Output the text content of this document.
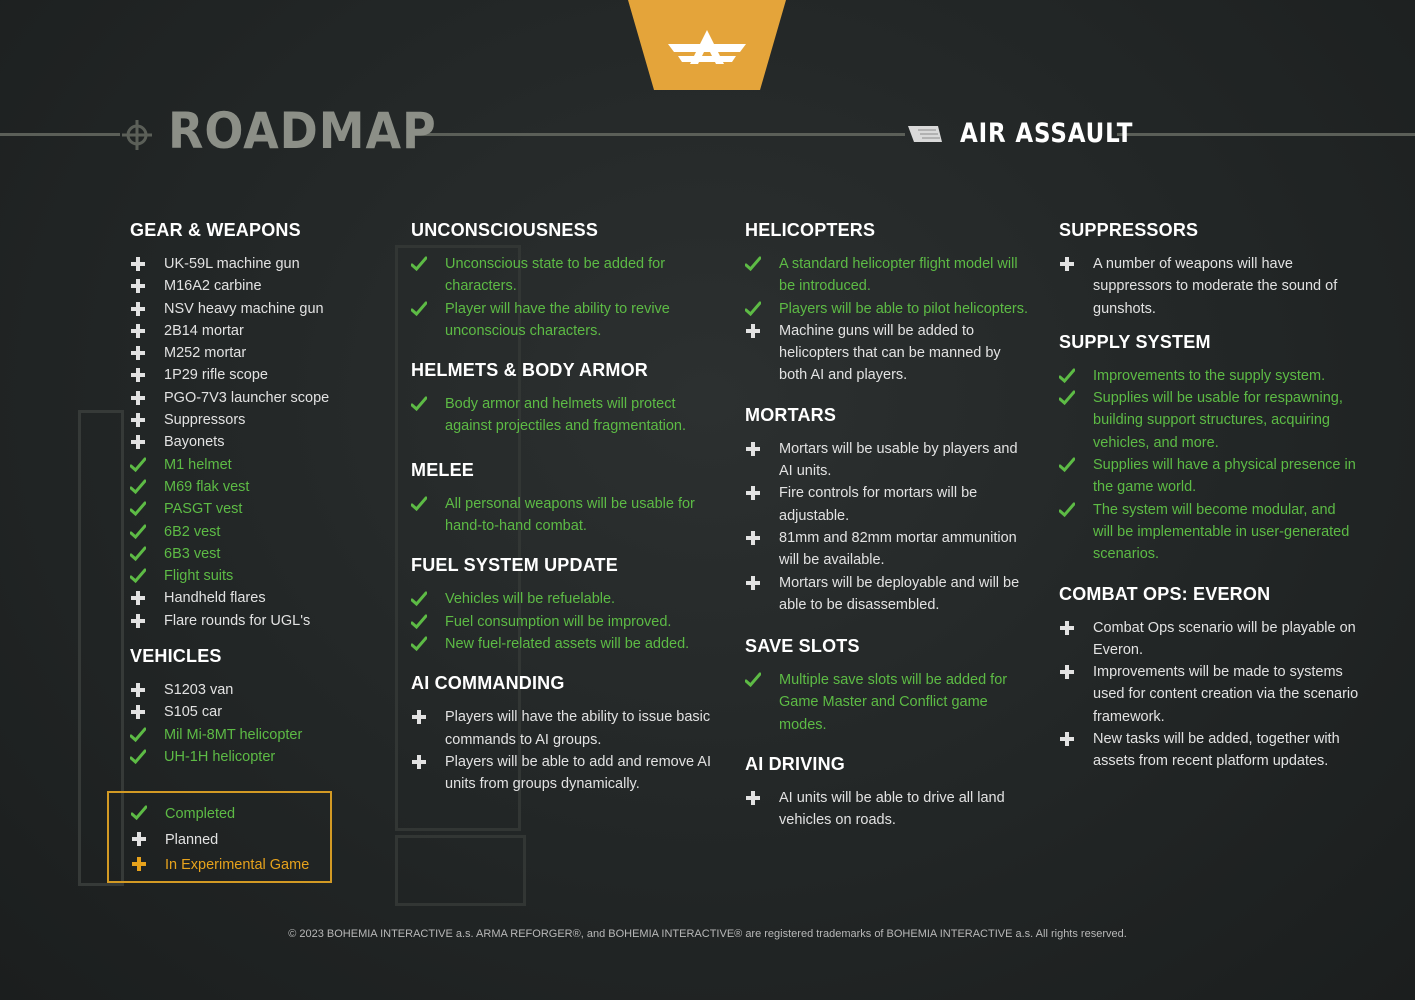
ROADMAP	AIR ASSAULT
GEAR & WEAPONS
UK-59L machine gun
M16A2 carbine
NSV heavy machine gun
2B14 mortar
M252 mortar
1P29 rifle scope
PGO-7V3 launcher scope
Suppressors
Bayonets
M1 helmet
M69 flak vest
PASGT vest
6B2 vest
6B3 vest
Flight suits
Handheld flares
Flare rounds for UGL's
VEHICLES
S1203 van
S105 car
Mil Mi-8MT helicopter
UH-1H helicopter
UNCONSCIOUSNESS
Unconscious state to be added for characters.
Player will have the ability to revive unconscious characters.
HELMETS & BODY ARMOR
Body armor and helmets will protect against projectiles and fragmentation.
MELEE
All personal weapons will be usable for hand-to-hand combat.
FUEL SYSTEM UPDATE
Vehicles will be refuelable.
Fuel consumption will be improved.
New fuel-related assets will be added.
AI COMMANDING
Players will have the ability to issue basic commands to AI groups.
Players will be able to add and remove AI units from groups dynamically.
HELICOPTERS
A standard helicopter flight model will be introduced.
Players will be able to pilot helicopters.
Machine guns will be added to helicopters that can be manned by both AI and players.
MORTARS
Mortars will be usable by players and AI units.
Fire controls for mortars will be adjustable.
81mm and 82mm mortar ammunition will be available.
Mortars will be deployable and will be able to be disassembled.
SAVE SLOTS
Multiple save slots will be added for Game Master and Conflict game modes.
AI DRIVING
AI units will be able to drive all land vehicles on roads.
SUPPRESSORS
A number of weapons will have suppressors to moderate the sound of gunshots.
SUPPLY SYSTEM
Improvements to the supply system.
Supplies will be usable for respawning, building support structures, acquiring vehicles, and more.
Supplies will have a physical presence in the game world.
The system will become modular, and will be implementable in user-generated scenarios.
COMBAT OPS: EVERON
Combat Ops scenario will be playable on Everon.
Improvements will be made to systems used for content creation via the scenario framework.
New tasks will be added, together with assets from recent platform updates.
Completed
Planned
In Experimental Game
© 2023 BOHEMIA INTERACTIVE a.s. ARMA REFORGER®, and BOHEMIA INTERACTIVE® are registered trademarks of BOHEMIA INTERACTIVE a.s. All rights reserved.
